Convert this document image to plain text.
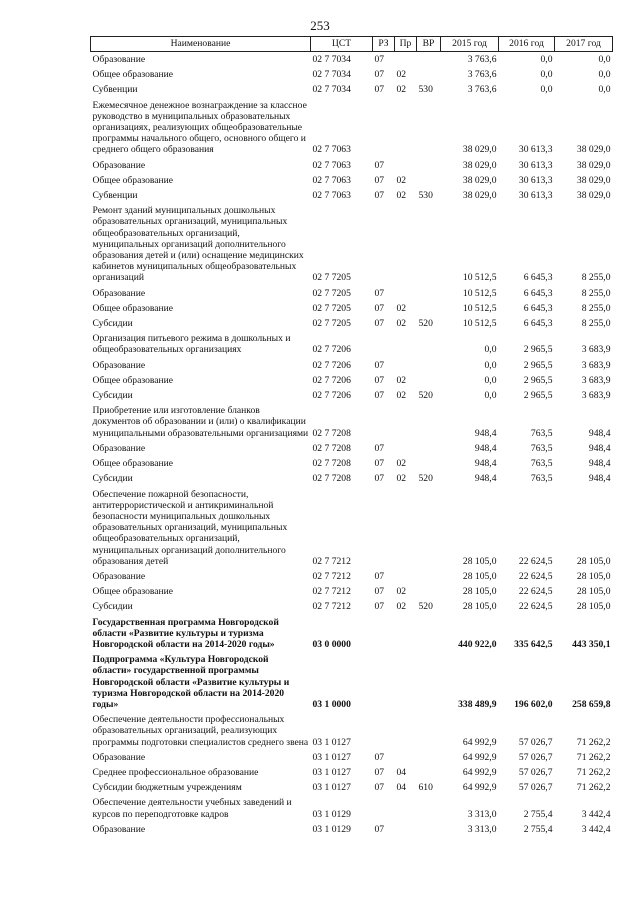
253
Наименование	ЦСТ	РЗ	Пр	ВР	2015 год	2016 год	2017 год
Образование	02 7 7034	07			3 763,6	0,0	0,0
Общее образование	02 7 7034	07	02		3 763,6	0,0	0,0
Субвенции	02 7 7034	07	02	530	3 763,6	0,0	0,0
Ежемесячное денежное вознаграждение за классное руководство в муниципальных образовательных организациях, реализующих общеобразовательные программы начального общего, основного общего и среднего общего образования	02 7 7063				38 029,0	30 613,3	38 029,0
Образование	02 7 7063	07			38 029,0	30 613,3	38 029,0
Общее образование	02 7 7063	07	02		38 029,0	30 613,3	38 029,0
Субвенции	02 7 7063	07	02	530	38 029,0	30 613,3	38 029,0
Ремонт зданий муниципальных дошкольных образовательных организаций, муниципальных общеобразовательных организаций, муниципальных организаций дополнительного образования детей и (или) оснащение медицинских кабинетов муниципальных общеобразовательных организаций	02 7 7205				10 512,5	6 645,3	8 255,0
Образование	02 7 7205	07			10 512,5	6 645,3	8 255,0
Общее образование	02 7 7205	07	02		10 512,5	6 645,3	8 255,0
Субсидии	02 7 7205	07	02	520	10 512,5	6 645,3	8 255,0
Организация питьевого режима в дошкольных и общеобразовательных организациях	02 7 7206				0,0	2 965,5	3 683,9
Образование	02 7 7206	07			0,0	2 965,5	3 683,9
Общее образование	02 7 7206	07	02		0,0	2 965,5	3 683,9
Субсидии	02 7 7206	07	02	520	0,0	2 965,5	3 683,9
Приобретение или изготовление бланков документов об образовании и (или) о квалификации муниципальными образовательными организациями	02 7 7208				948,4	763,5	948,4
Образование	02 7 7208	07			948,4	763,5	948,4
Общее образование	02 7 7208	07	02		948,4	763,5	948,4
Субсидии	02 7 7208	07	02	520	948,4	763,5	948,4
Обеспечение пожарной безопасности, антитеррористической и антикриминальной безопасности муниципальных дошкольных образовательных организаций, муниципальных общеобразовательных организаций, муниципальных организаций дополнительного образования детей	02 7 7212				28 105,0	22 624,5	28 105,0
Образование	02 7 7212	07			28 105,0	22 624,5	28 105,0
Общее образование	02 7 7212	07	02		28 105,0	22 624,5	28 105,0
Субсидии	02 7 7212	07	02	520	28 105,0	22 624,5	28 105,0
Государственная программа Новгородской области «Развитие культуры и туризма Новгородской области на 2014-2020 годы»	03 0 0000				440 922,0	335 642,5	443 350,1
Подпрограмма «Культура Новгородской области» государственной программы Новгородской области «Развитие культуры и туризма Новгородской области на 2014-2020 годы»	03 1 0000				338 489,9	196 602,0	258 659,8
Обеспечение деятельности профессиональных образовательных организаций, реализующих программы подготовки специалистов среднего звена	03 1 0127				64 992,9	57 026,7	71 262,2
Образование	03 1 0127	07			64 992,9	57 026,7	71 262,2
Среднее профессиональное образование	03 1 0127	07	04		64 992,9	57 026,7	71 262,2
Субсидии бюджетным учреждениям	03 1 0127	07	04	610	64 992,9	57 026,7	71 262,2
Обеспечение деятельности учебных заведений и курсов по переподготовке кадров	03 1 0129				3 313,0	2 755,4	3 442,4
Образование	03 1 0129	07			3 313,0	2 755,4	3 442,4
